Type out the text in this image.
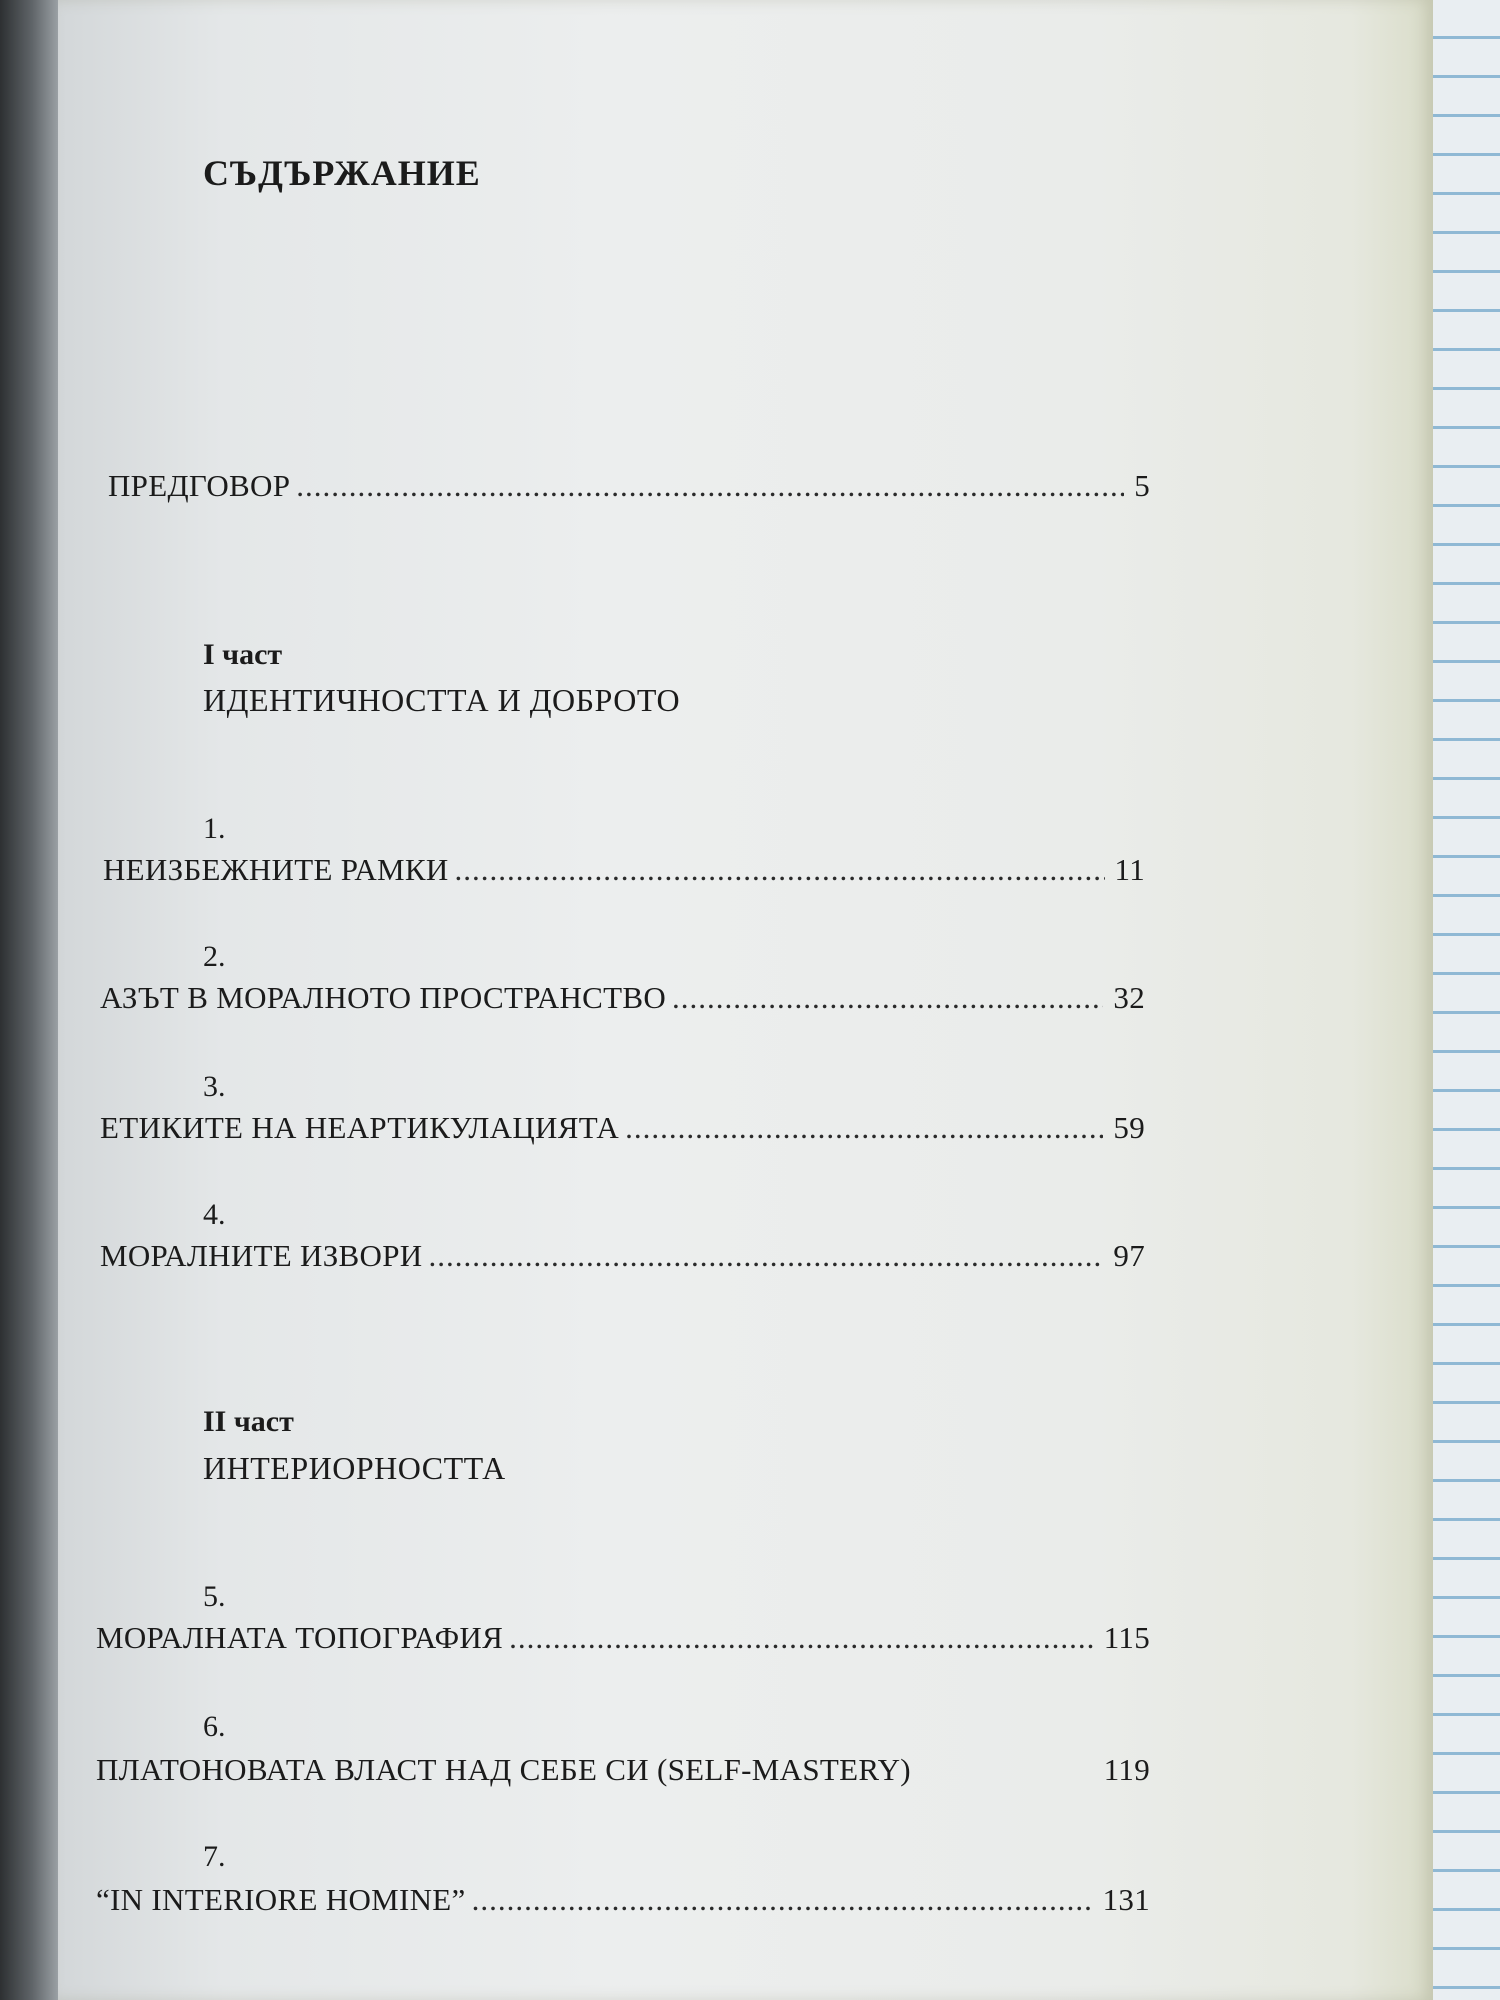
СЪДЪРЖАНИЕ
ПРЕДГОВОР .....	5
I част
ИДЕНТИЧНОСТТА И ДОБРОТО
1.
НЕИЗБЕЖНИТЕ РАМКИ .....	11
2.
АЗЪТ В МОРАЛНОТО ПРОСТРАНСТВО .....	32
3.
ЕТИКИТЕ НА НЕАРТИКУЛАЦИЯТА .....	59
4.
МОРАЛНИТЕ ИЗВОРИ .....	97
II част
ИНТЕРИОРНОСТТА
5.
МОРАЛНАТА ТОПОГРАФИЯ .....	115
6.
ПЛАТОНОВАТА ВЛАСТ НАД СЕБЕ СИ (SELF-MASTERY)	119
7.
“IN INTERIORE HOMINE” .....	131
